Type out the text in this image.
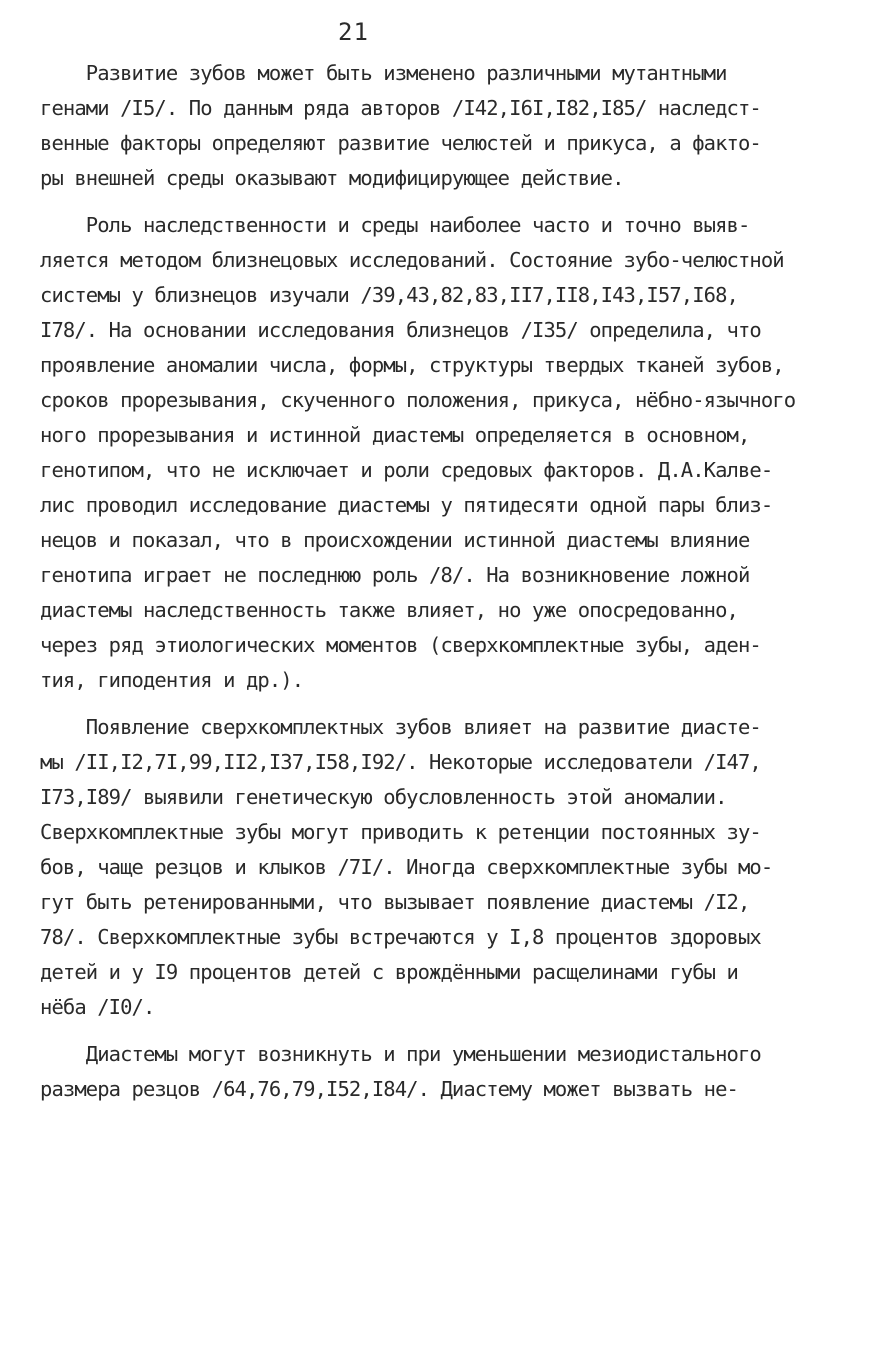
21
Развитие зубов может быть изменено различными мутантными
генами /I5/. По данным ряда авторов /I42,I6I,I82,I85/ наследст-
венные факторы определяют развитие челюстей и прикуса, а факто-
ры внешней среды оказывают модифицирующее действие.
Роль наследственности и среды наиболее часто и точно выяв-
ляется методом близнецовых исследований. Состояние зубо-челюстной
системы у близнецов изучали /39,43,82,83,II7,II8,I43,I57,I68,
I78/. На основании исследования близнецов /I35/ определила, что
проявление аномалии числа, формы, структуры твердых тканей зубов,
сроков прорезывания, скученного положения, прикуса, нёбно-язычного
ного прорезывания и истинной диастемы определяется в основном,
генотипом, что не исключает и роли средовых факторов. Д.А.Калве-
лис проводил исследование диастемы у пятидесяти одной пары близ-
нецов и показал, что в происхождении истинной диастемы влияние
генотипа играет не последнюю роль /8/. На возникновение ложной
диастемы наследственность также влияет, но уже опосредованно,
через ряд этиологических моментов (сверхкомплектные зубы, аден-
тия, гиподентия и др.).
Появление сверхкомплектных зубов влияет на развитие диасте-
мы /II,I2,7I,99,II2,I37,I58,I92/. Некоторые исследователи /I47,
I73,I89/ выявили генетическую обусловленность этой аномалии.
Сверхкомплектные зубы могут приводить к ретенции постоянных зу-
бов, чаще резцов и клыков /7I/. Иногда сверхкомплектные зубы мо-
гут быть ретенированными, что вызывает появление диастемы /I2,
78/. Сверхкомплектные зубы встречаются у I,8 процентов здоровых
детей и у I9 процентов детей с врождёнными расщелинами губы и
нёба /I0/.
Диастемы могут возникнуть и при уменьшении мезиодистального
размера резцов /64,76,79,I52,I84/. Диастему может вызвать не-
